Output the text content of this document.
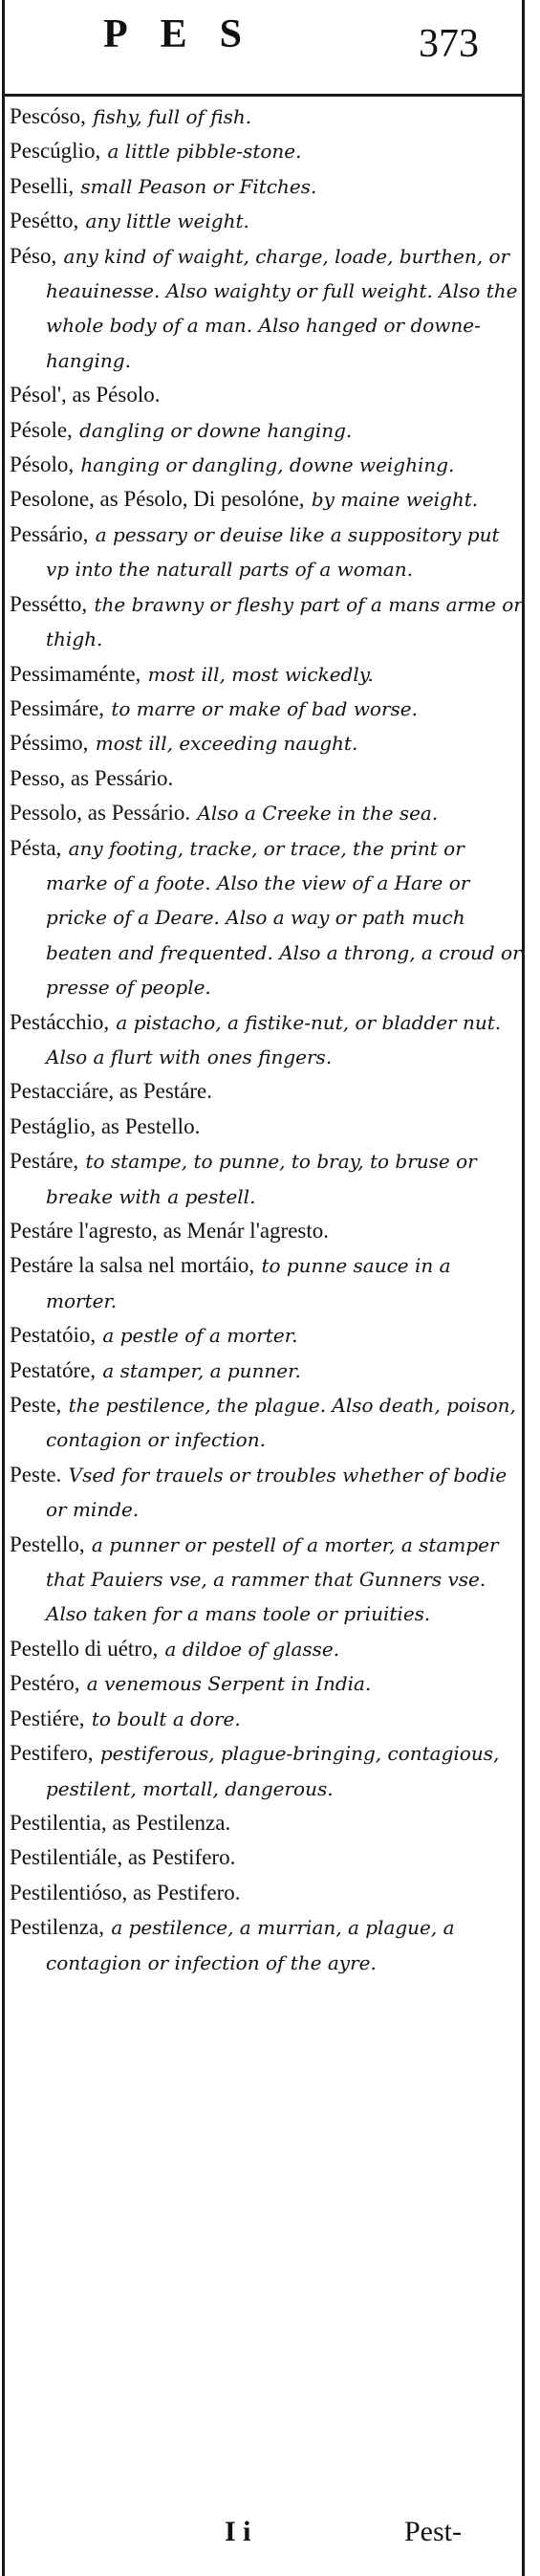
PES	373

Pescóso, fishy, full of fish.

Pescúglio, a little pibble-stone.

Peselli, small Peason or Fitches.

Pesétto, any little weight.

Péso, any kind of waight, charge, loade, burthen, or heauinesse. Also waighty or full weight. Also the whole body of a man. Also hanged or downe-hanging.

Pésol', as Pésolo.

Pésole, dangling or downe hanging.

Pésolo, hanging or dangling, downe weighing.

Pesolone, as Pésolo, Di pesolóne, by maine weight.

Pessário, a pessary or deuise like a suppository put vp into the naturall parts of a woman.

Pessétto, the brawny or fleshy part of a mans arme or thigh.

Pessimaménte, most ill, most wickedly.

Pessimáre, to marre or make of bad worse.

Péssimo, most ill, exceeding naught.

Pesso, as Pessário.

Pessolo, as Pessário. Also a Creeke in the sea.

Pésta, any footing, tracke, or trace, the print or marke of a foote. Also the view of a Hare or pricke of a Deare. Also a way or path much beaten and frequented. Also a throng, a croud or presse of people.

Pestácchio, a pistacho, a fistike-nut, or bladder nut. Also a flurt with ones fingers.

Pestacciáre, as Pestáre.

Pestáglio, as Pestello.

Pestáre, to stampe, to punne, to bray, to bruse or breake with a pestell.

Pestáre l'agresto, as Menár l'agresto.

Pestáre la salsa nel mortáio, to punne sauce in a morter.

Pestatóio, a pestle of a morter.

Pestatóre, a stamper, a punner.

Peste, the pestilence, the plague. Also death, poison, contagion or infection.

Peste. Vsed for trauels or troubles whether of bodie or minde.

Pestello, a punner or pestell of a morter, a stamper that Pauiers vse, a rammer that Gunners vse. Also taken for a mans toole or priuities.

Pestello di uétro, a dildoe of glasse.

Pestéro, a venemous Serpent in India.

Pestiére, to boult a dore.

Pestifero, pestiferous, plague-bringing, contagious, pestilent, mortall, dangerous.

Pestilentia, as Pestilenza.

Pestilentiále, as Pestifero.

Pestilentióso, as Pestifero.

Pestilenza, a pestilence, a murrian, a plague, a contagion or infection of the ayre.

I i	Pest-
